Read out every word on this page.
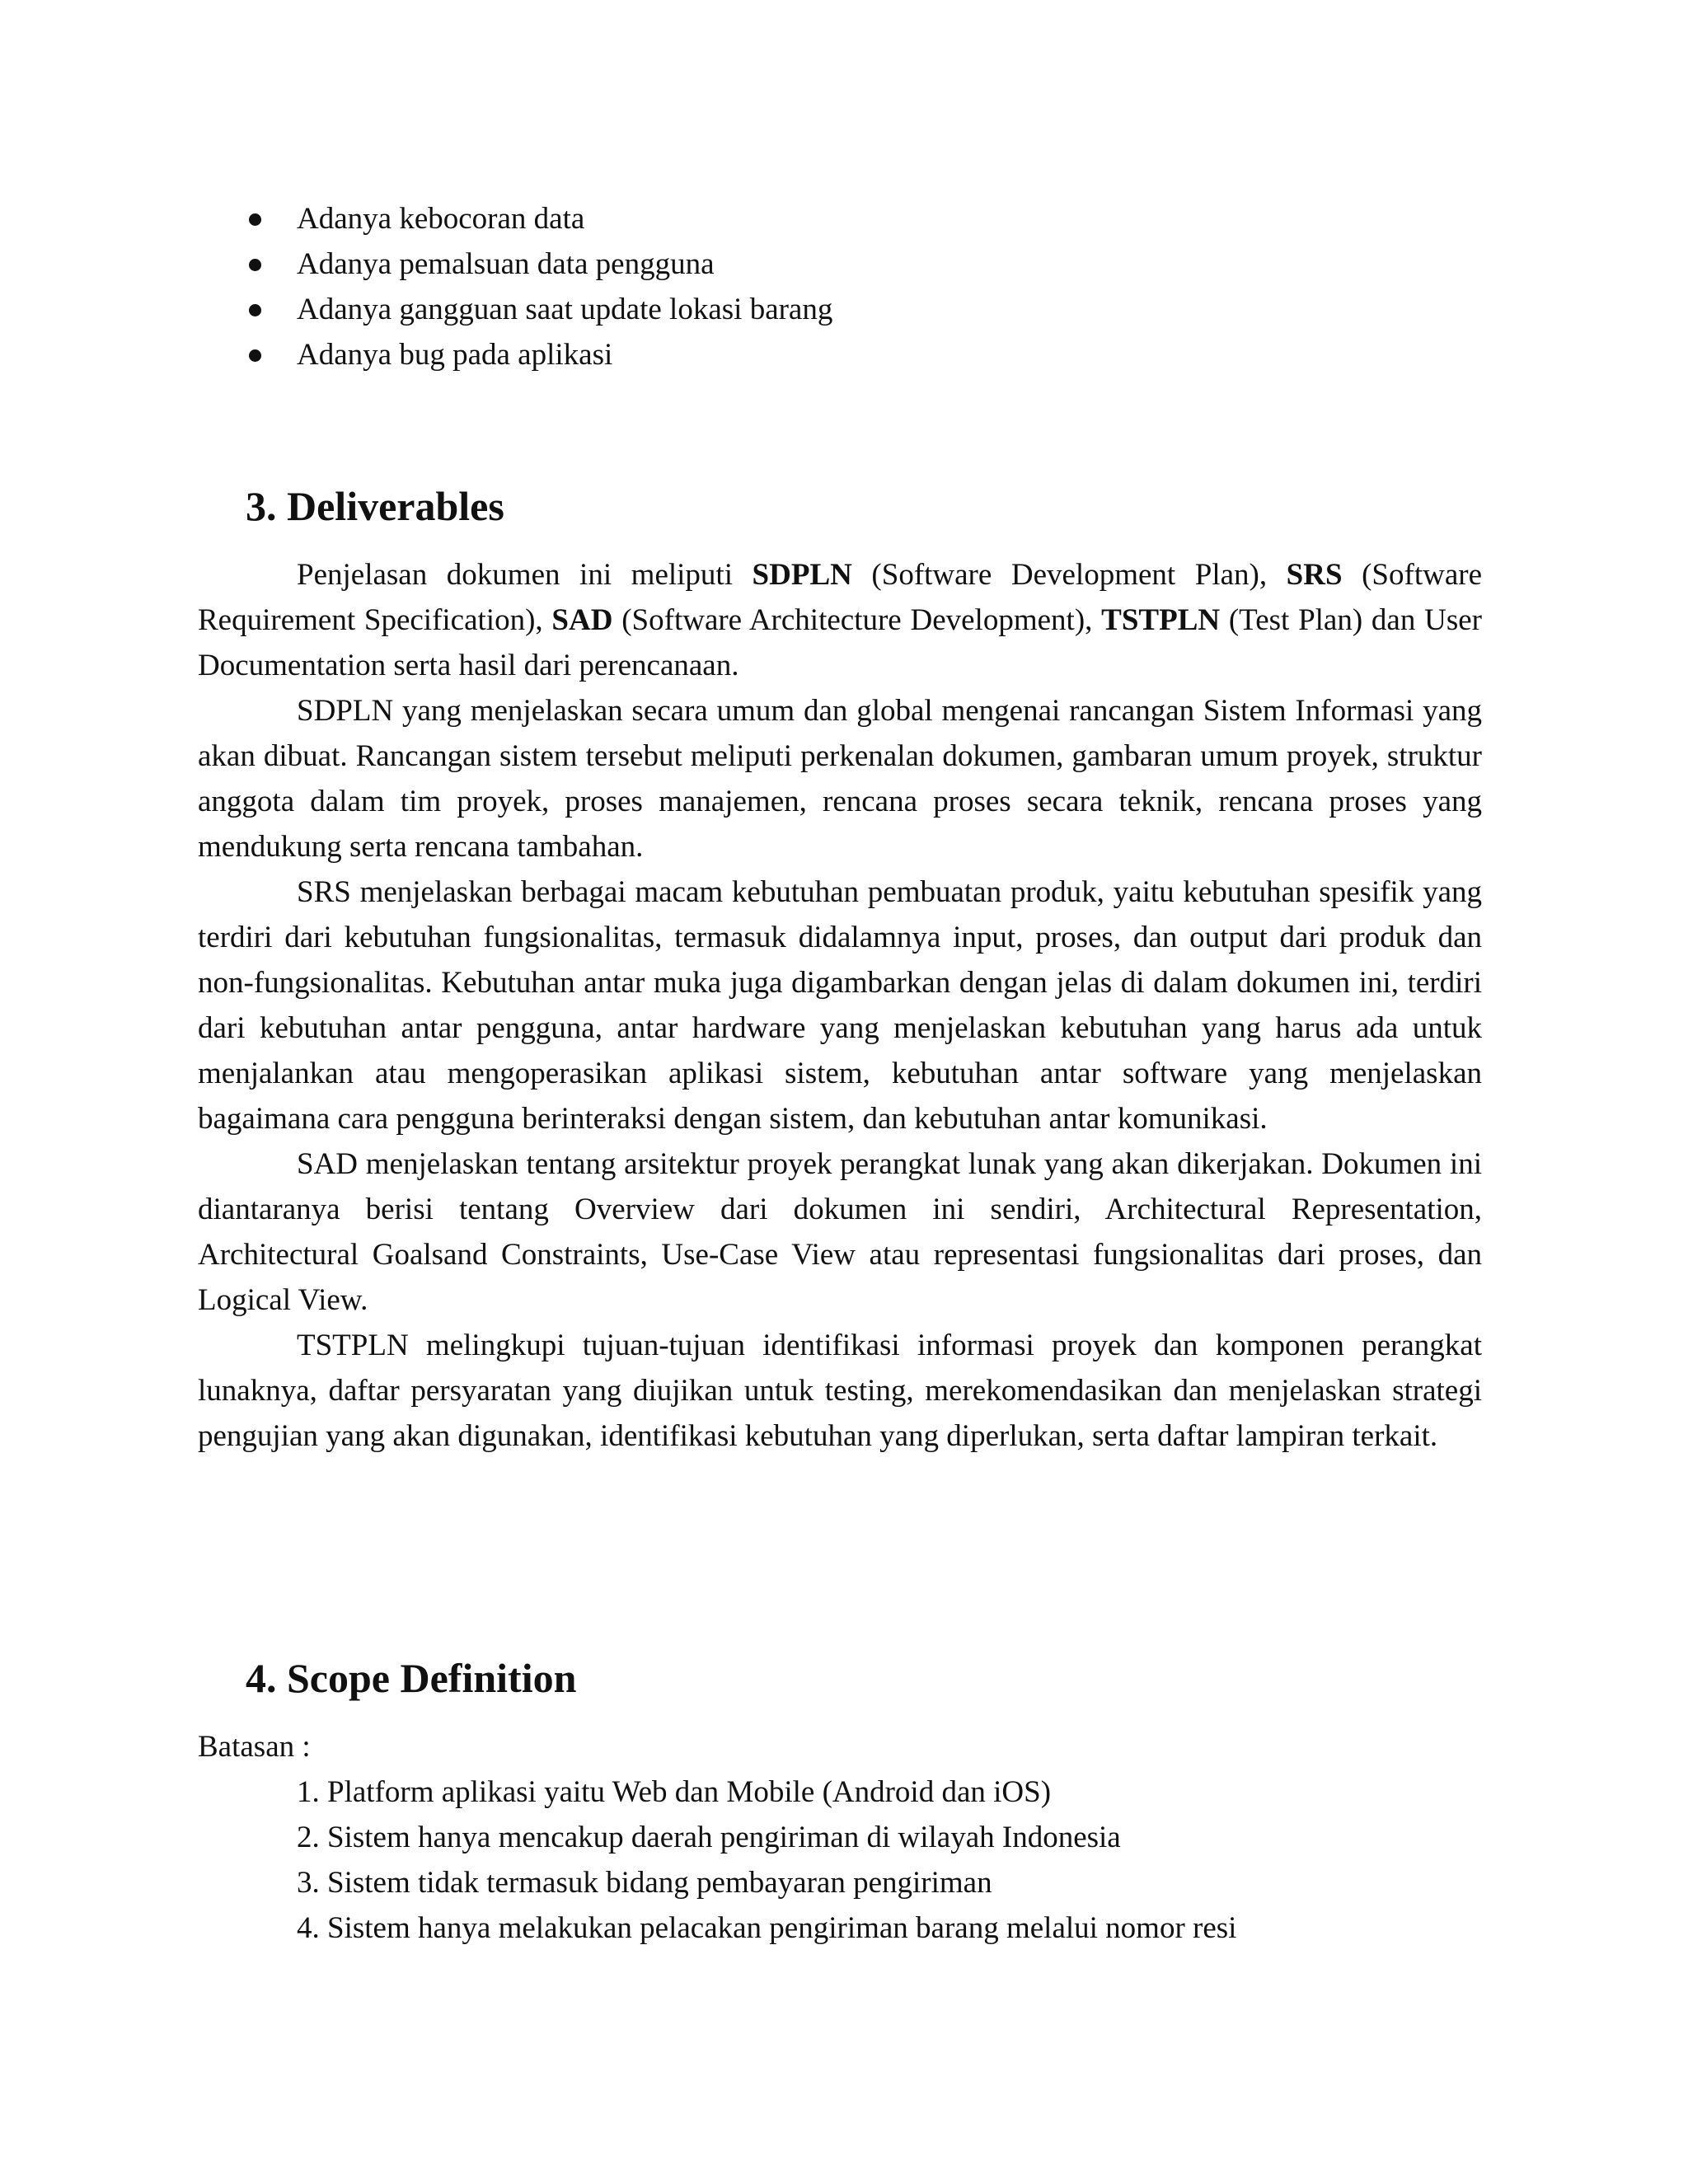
Adanya kebocoran data
Adanya pemalsuan data pengguna
Adanya gangguan saat update lokasi barang
Adanya bug pada aplikasi
3. Deliverables

Penjelasan dokumen ini meliputi SDPLN (Software Development Plan), SRS (Software Requirement Specification), SAD (Software Architecture Development), TSTPLN (Test Plan) dan User Documentation serta hasil dari perencanaan.

SDPLN yang menjelaskan secara umum dan global mengenai rancangan Sistem Informasi yang akan dibuat. Rancangan sistem tersebut meliputi perkenalan dokumen, gambaran umum proyek, struktur anggota dalam tim proyek, proses manajemen, rencana proses secara teknik, rencana proses yang mendukung serta rencana tambahan.

SRS menjelaskan berbagai macam kebutuhan pembuatan produk, yaitu kebutuhan spesifik yang terdiri dari kebutuhan fungsionalitas, termasuk didalamnya input, proses, dan output dari produk dan non-fungsionalitas. Kebutuhan antar muka juga digambarkan dengan jelas di dalam dokumen ini, terdiri dari kebutuhan antar pengguna, antar hardware yang menjelaskan kebutuhan yang harus ada untuk menjalankan atau mengoperasikan aplikasi sistem, kebutuhan antar software yang menjelaskan bagaimana cara pengguna berinteraksi dengan sistem, dan kebutuhan antar komunikasi.

SAD menjelaskan tentang arsitektur proyek perangkat lunak yang akan dikerjakan. Dokumen ini diantaranya berisi tentang Overview dari dokumen ini sendiri, Architectural Representation, Architectural Goalsand Constraints, Use-Case View atau representasi fungsionalitas dari proses, dan Logical View.

TSTPLN melingkupi tujuan-tujuan identifikasi informasi proyek dan komponen perangkat lunaknya, daftar persyaratan yang diujikan untuk testing, merekomendasikan dan menjelaskan strategi pengujian yang akan digunakan, identifikasi kebutuhan yang diperlukan, serta daftar lampiran terkait.

4. Scope Definition
Batasan :
1. Platform aplikasi yaitu Web dan Mobile (Android dan iOS)
2. Sistem hanya mencakup daerah pengiriman di wilayah Indonesia
3. Sistem tidak termasuk bidang pembayaran pengiriman
4. Sistem hanya melakukan pelacakan pengiriman barang melalui nomor resi
